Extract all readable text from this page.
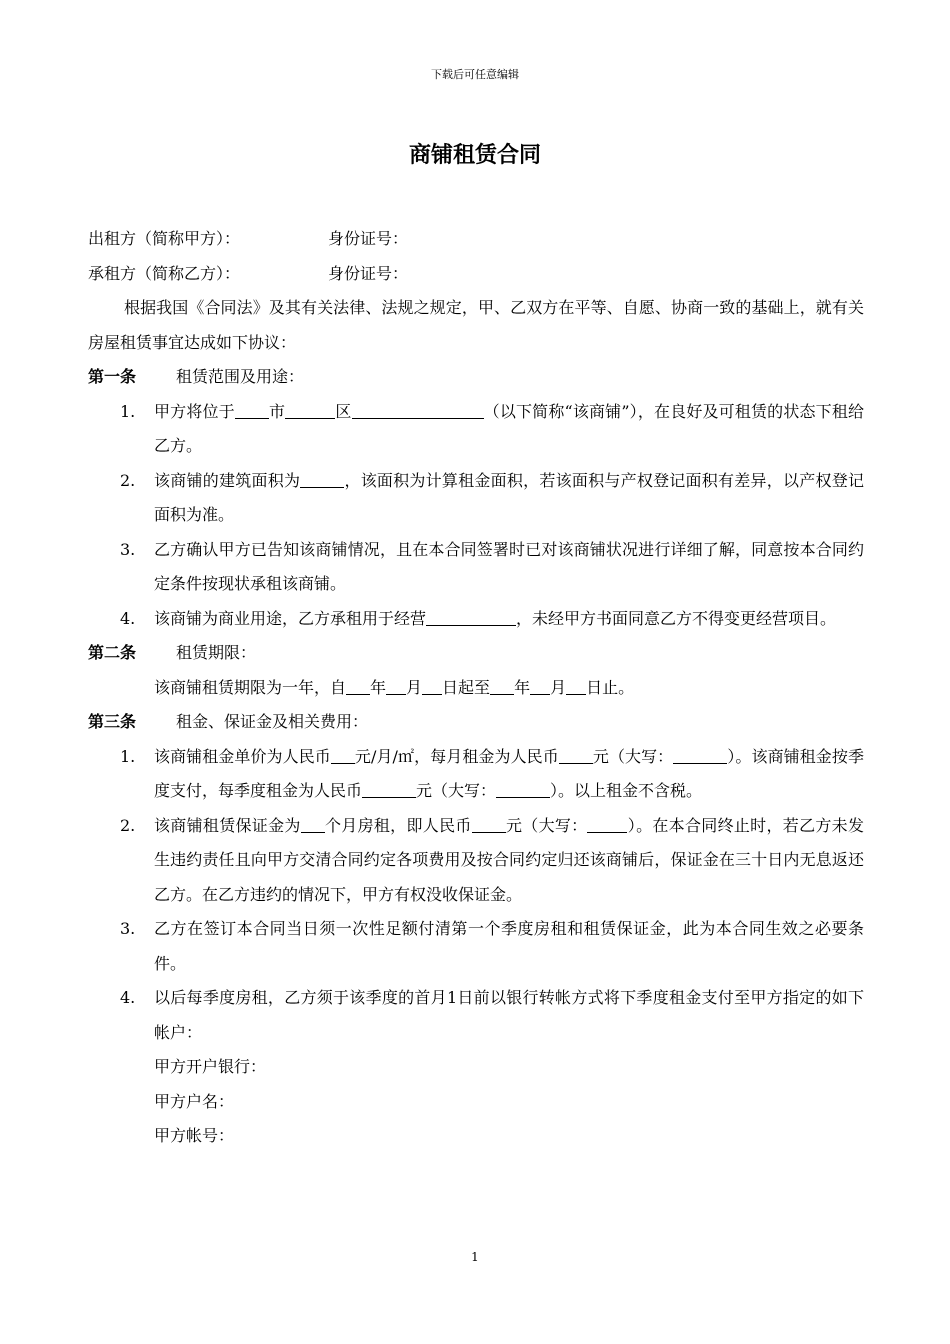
下载后可任意编辑
商铺租赁合同
出租方（简称甲方）：	身份证号：
承租方（简称乙方）：	身份证号：
根据我国《合同法》及其有关法律、法规之规定，甲、乙双方在平等、自愿、协商一致的基础上，就有关房屋租赁事宜达成如下协议：
第一条 租赁范围及用途：
1. 甲方将位于 市	区	（以下简称“该商铺”），在良好及可租赁的状态下租给乙方。
2. 该商铺的建筑面积为	，该面积为计算租金面积，若该面积与产权登记面积有差异，以产权登记面积为准。
3. 乙方确认甲方已告知该商铺情况，且在本合同签署时已对该商铺状况进行详细了解，同意按本合同约定条件按现状承租该商铺。
4. 该商铺为商业用途，乙方承租用于经营	，未经甲方书面同意乙方不得变更经营项目。
第二条 租赁期限：
该商铺租赁期限为一年，自 年 月 日起至 年 月 日止。
第三条 租金、保证金及相关费用：
1. 该商铺租金单价为人民币 元/月/㎡，每月租金为人民币 元（大写：	）。该商铺租金按季度支付，每季度租金为人民币	元（大写：	）。以上租金不含税。
2. 该商铺租赁保证金为 个月房租，即人民币 元（大写：	）。在本合同终止时，若乙方未发生违约责任且向甲方交清合同约定各项费用及按合同约定归还该商铺后，保证金在三十日内无息返还乙方。在乙方违约的情况下，甲方有权没收保证金。
3. 乙方在签订本合同当日须一次性足额付清第一个季度房租和租赁保证金，此为本合同生效之必要条件。
4. 以后每季度房租，乙方须于该季度的首月1日前以银行转帐方式将下季度租金支付至甲方指定的如下帐户：
甲方开户银行：
甲方户名：
甲方帐号：
1
